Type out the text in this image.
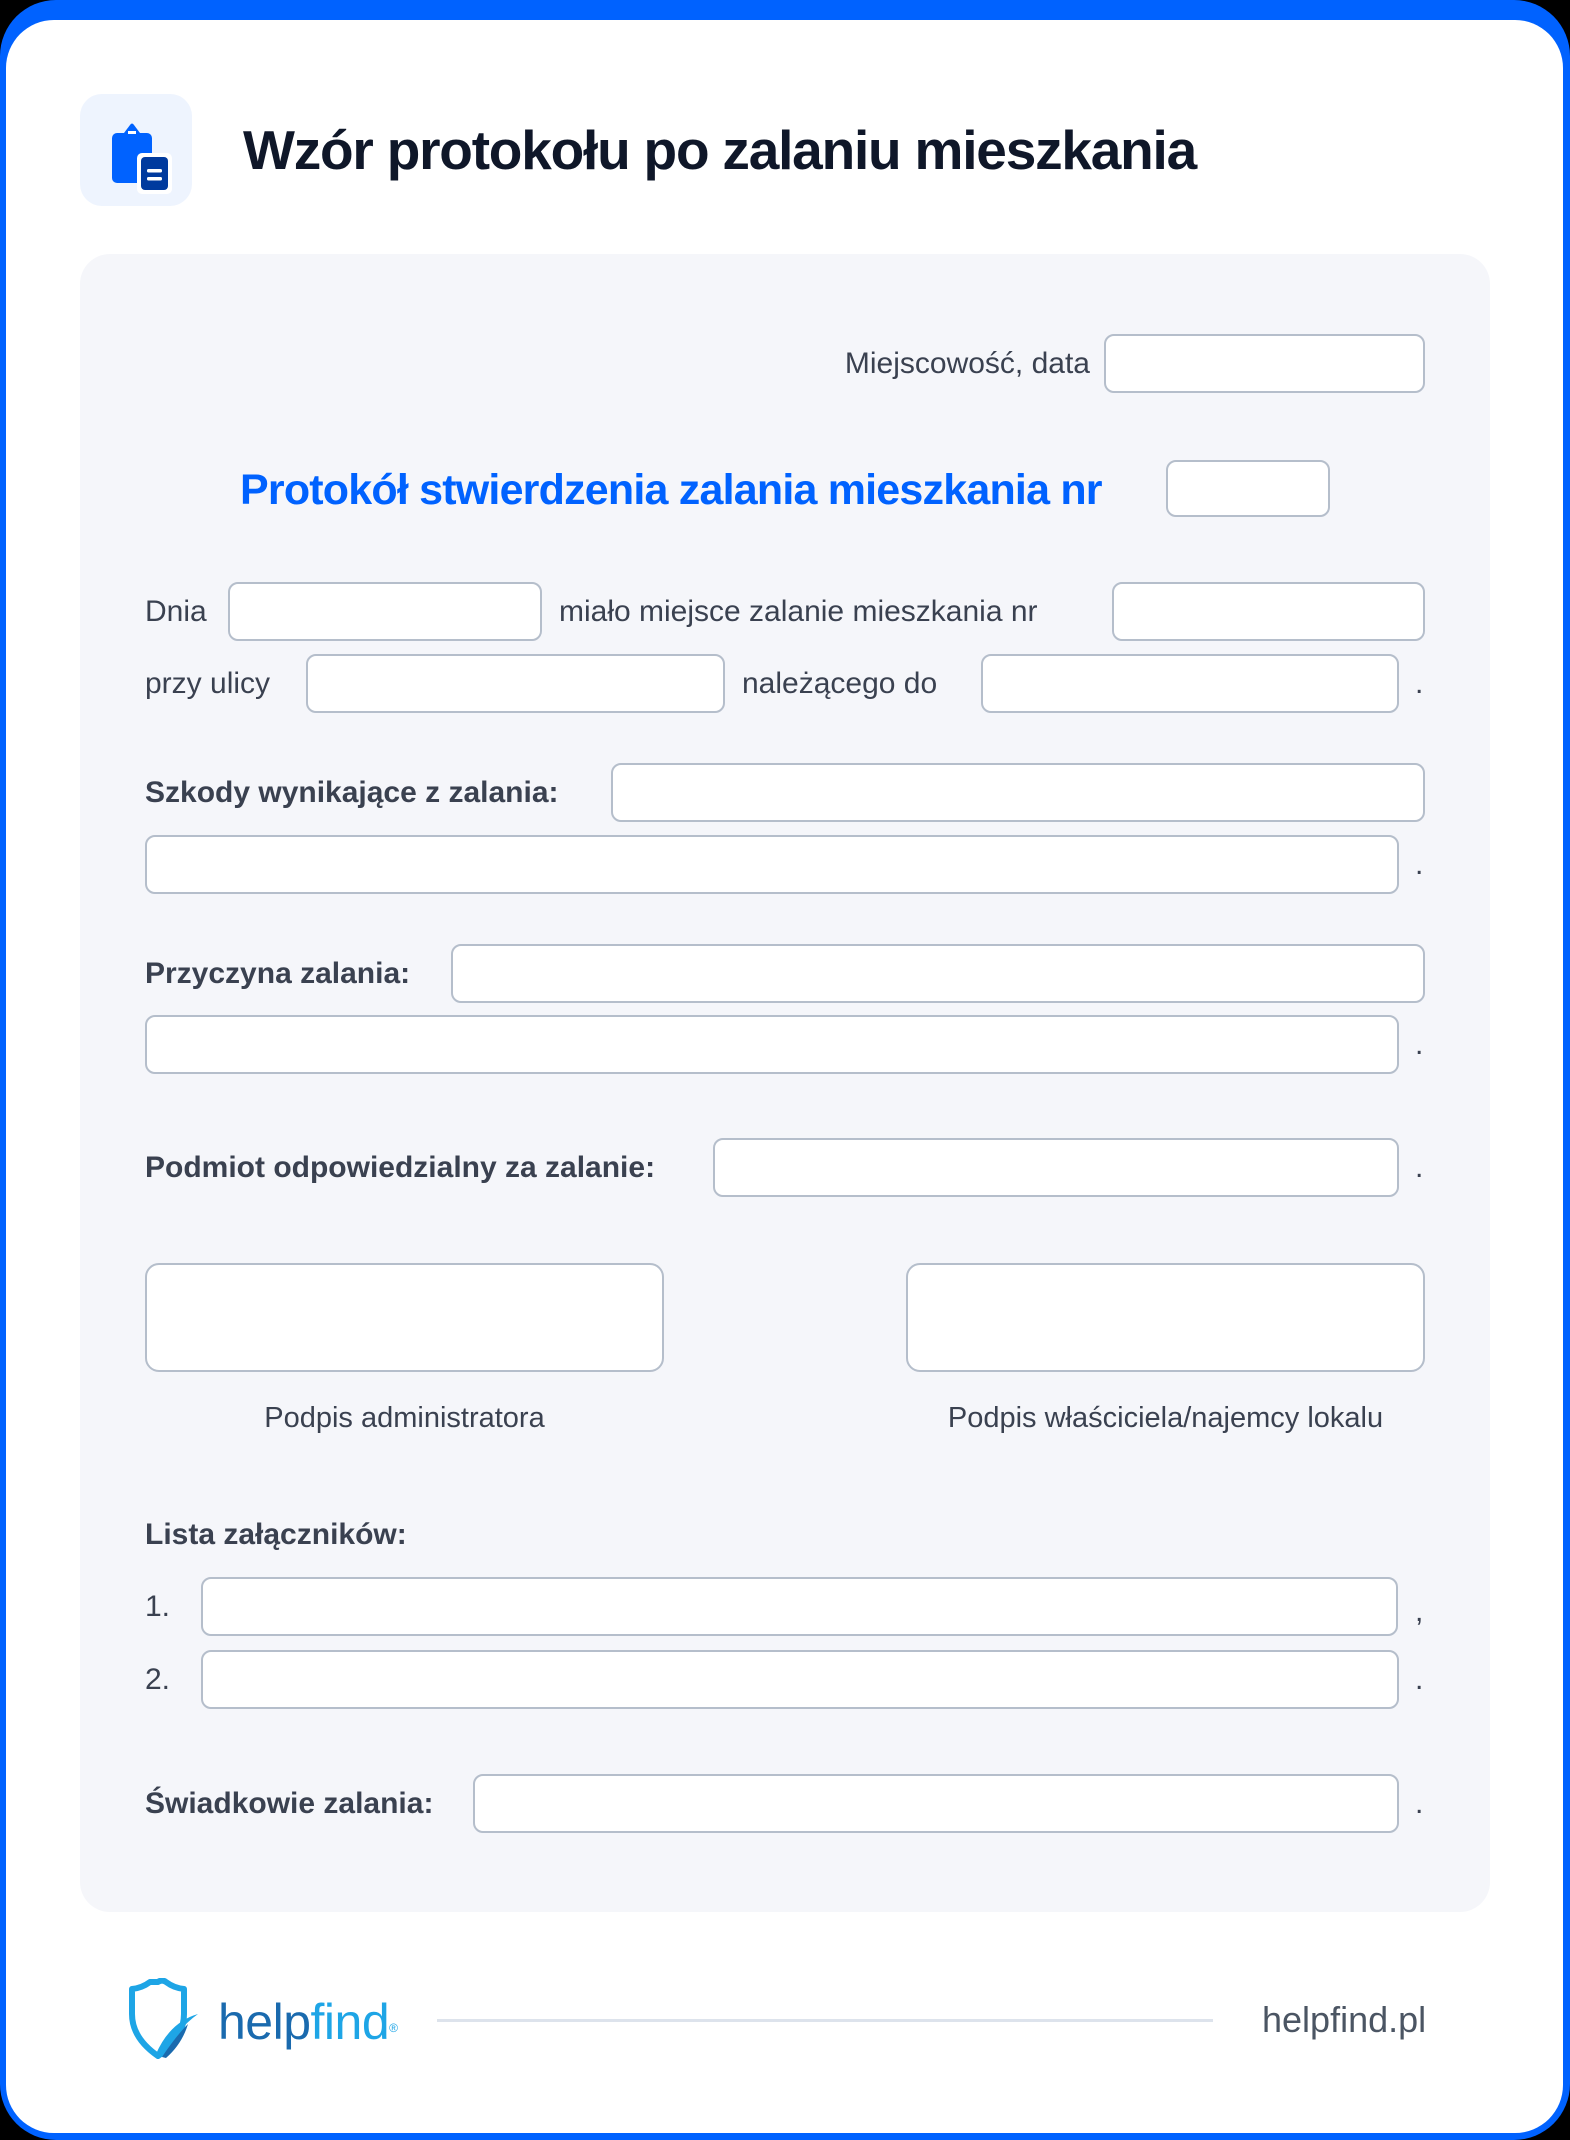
Wzór protokołu po zalaniu mieszkania
Miejscowość, data
Protokół stwierdzenia zalania mieszkania nr
Dnia	miało miejsce zalanie mieszkania nr
przy ulicy	należącego do	.
Szkody wynikające z zalania:
.
Przyczyna zalania:
.
Podmiot odpowiedzialny za zalanie:	.
Podpis administratora	Podpis właściciela/najemcy lokalu
Lista załączników:
1.	,
2.	.
Świadkowie zalania:	.
helpfind®	helpfind.pl
